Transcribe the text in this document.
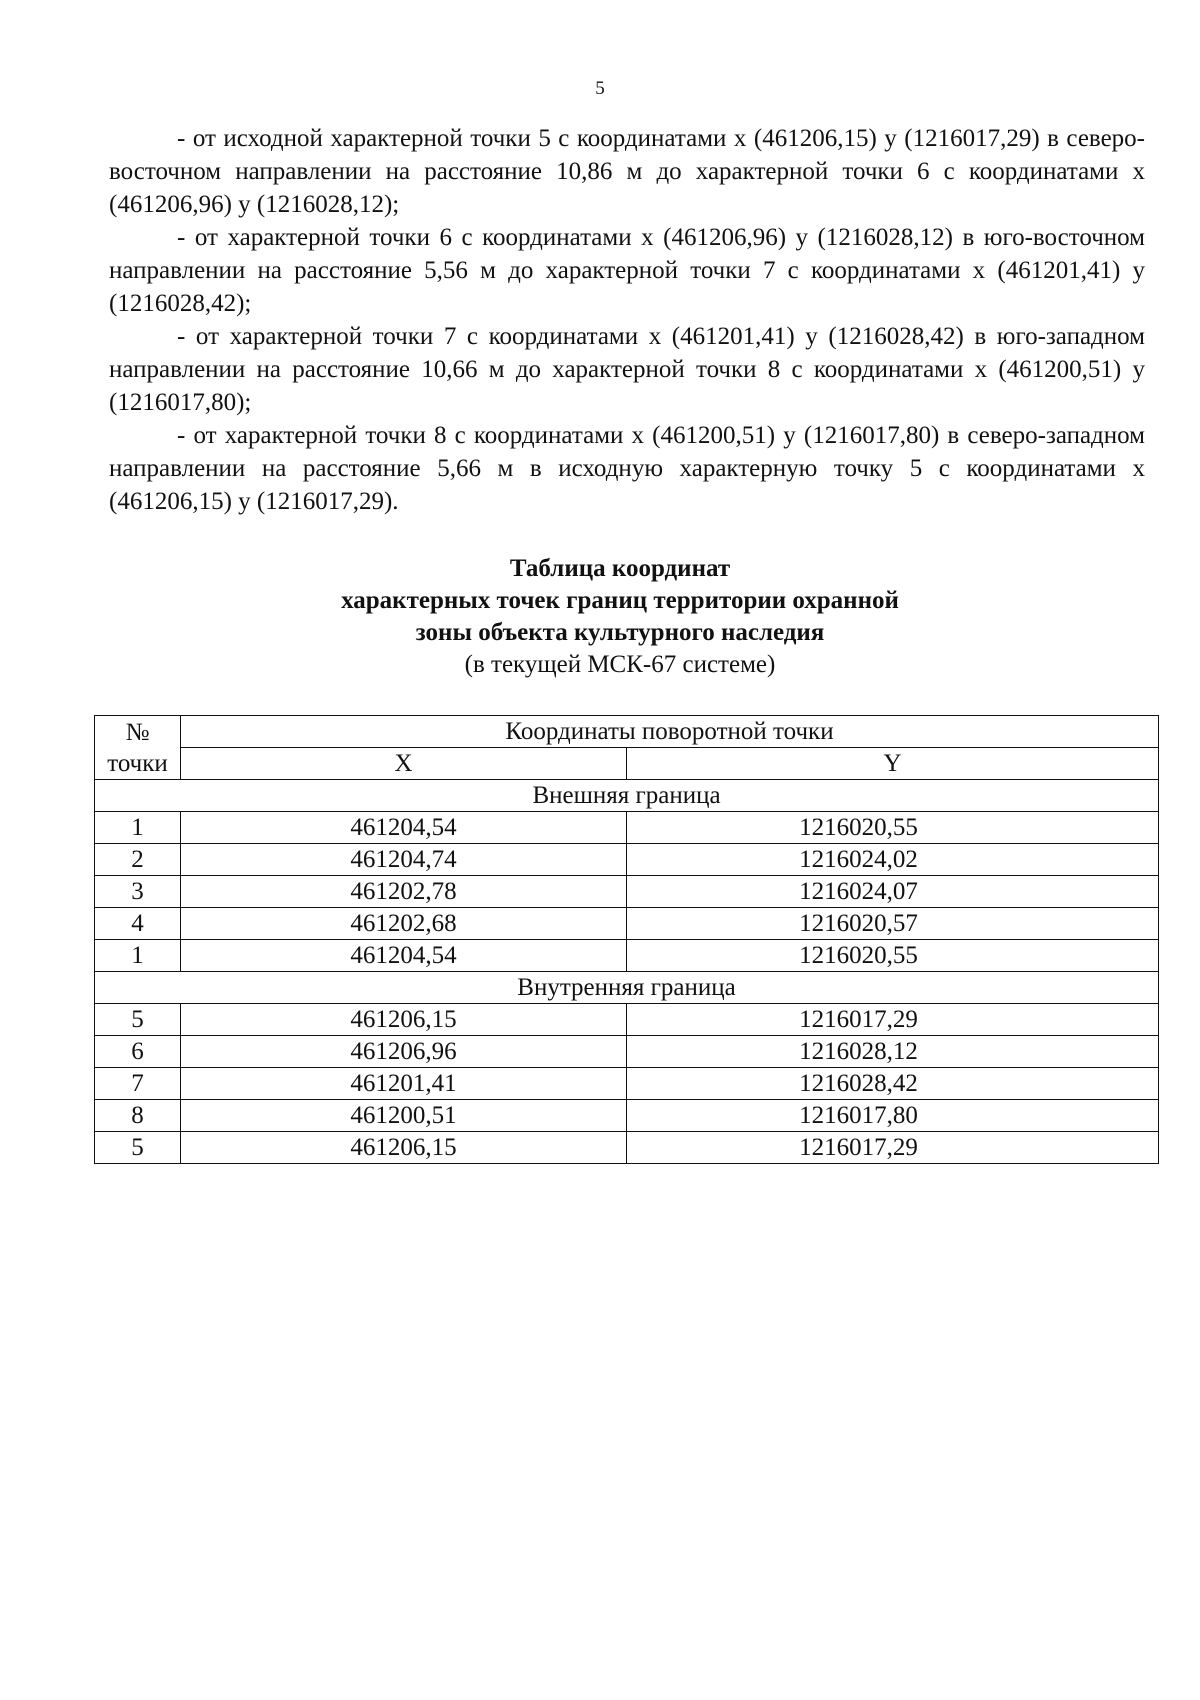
5

- от исходной характерной точки 5 с координатами х (461206,15) у (1216017,29) в северо-восточном направлении на расстояние 10,86 м до характерной точки 6 с координатами х (461206,96) у (1216028,12);

- от характерной точки 6 с координатами х (461206,96) у (1216028,12) в юго-восточном направлении на расстояние 5,56 м до характерной точки 7 с координатами х (461201,41) у (1216028,42);

- от характерной точки 7 с координатами х (461201,41) у (1216028,42) в юго-западном направлении на расстояние 10,66 м до характерной точки 8 с координатами х (461200,51) у (1216017,80);

- от характерной точки 8 с координатами х (461200,51) у (1216017,80) в северо-западном направлении на расстояние 5,66 м в исходную характерную точку 5 с координатами х (461206,15) у (1216017,29).

Таблица координат
характерных точек границ территории охранной
зоны объекта культурного наследия
(в текущей МСК-67 системе)
№
точки	Координаты поворотной точки	
	X	Y
Внешняя граница		
1	461204,54	1216020,55
2	461204,74	1216024,02
3	461202,78	1216024,07
4	461202,68	1216020,57
1	461204,54	1216020,55
Внутренняя граница		
5	461206,15	1216017,29
6	461206,96	1216028,12
7	461201,41	1216028,42
8	461200,51	1216017,80
5	461206,15	1216017,29
